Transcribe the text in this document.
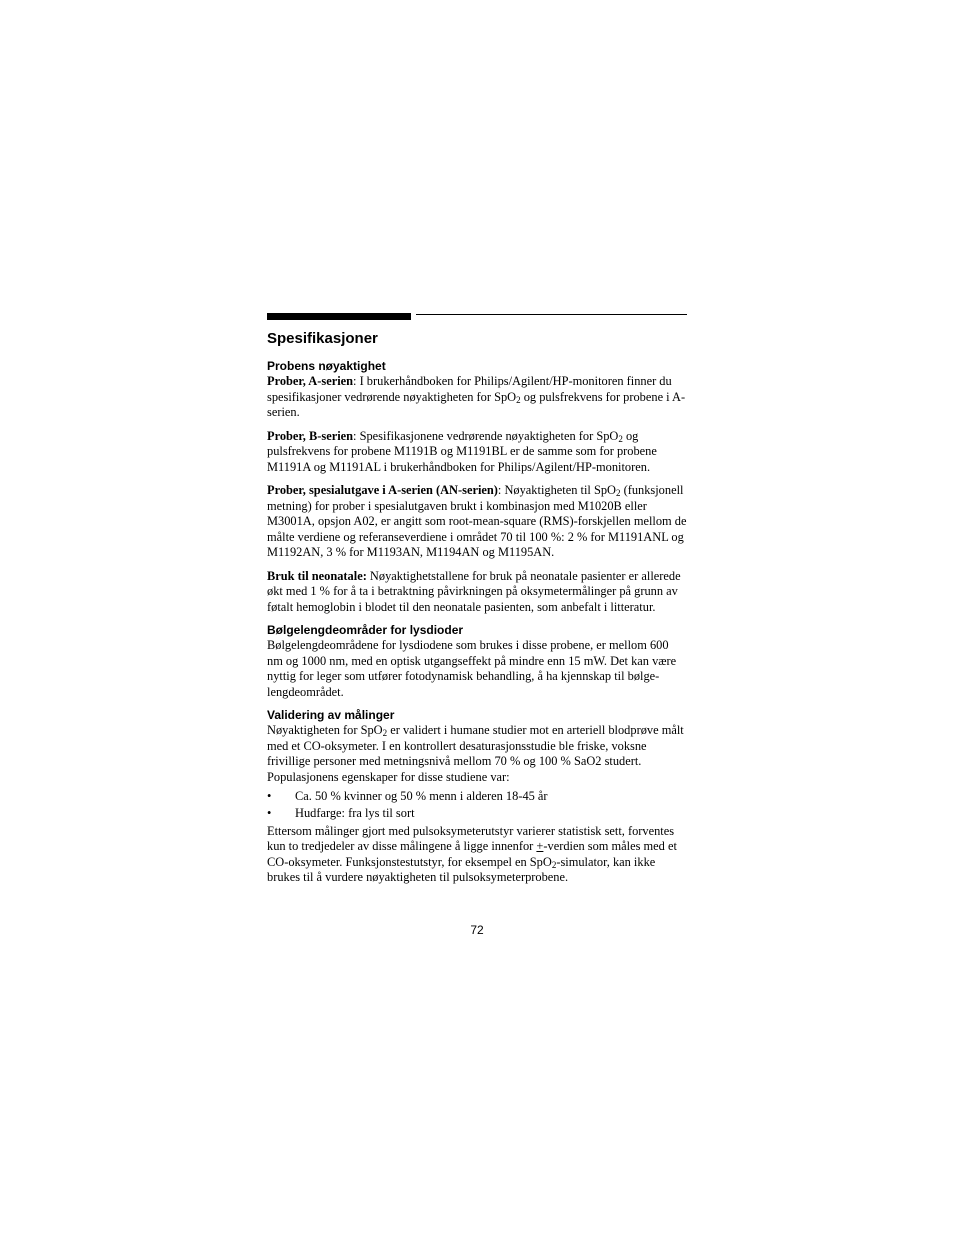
Spesifikasjoner
Probens nøyaktighet

Prober, A-serien: I brukerhåndboken for Philips/Agilent/HP-monitoren finner du spesifikasjoner vedrørende nøyaktigheten for SpO$_2$ og pulsfrekvens for probene i A-serien.

Prober, B-serien: Spesifikasjonene vedrørende nøyaktigheten for SpO$_2$ og pulsfrekvens for probene M1191B og M1191BL er de samme som for probene M1191A og M1191AL i brukerhåndboken for Philips/Agilent/HP-monitoren.

Prober, spesialutgave i A-serien (AN-serien): Nøyaktigheten til SpO$_2$ (funksjonell metning) for prober i spesialutgaven brukt i kombinasjon med M1020B eller M3001A, opsjon A02, er angitt som root-mean-square (RMS)-forskjellen mellom de målte verdiene og referanseverdiene i området 70 til 100 %: 2 % for M1191ANL og M1192AN, 3 % for M1193AN, M1194AN og M1195AN.

Bruk til neonatale: Nøyaktighetstallene for bruk på neonatale pasienter er allerede økt med 1 % for å ta i betraktning påvirkningen på oksymetermålinger på grunn av føtalt hemoglobin i blodet til den neonatale pasienten, som anbefalt i litteratur.

Bølgelengdeområder for lysdioder

Bølgelengdeområdene for lysdiodene som brukes i disse probene, er mellom 600 nm og 1000 nm, med en optisk utgangseffekt på mindre enn 15 mW. Det kan være nyttig for leger som utfører fotodynamisk behandling, å ha kjennskap til bølge-lengdeområdet.

Validering av målinger

Nøyaktigheten for SpO$_2$ er validert i humane studier mot en arteriell blodprøve målt med et CO-oksymeter. I en kontrollert desaturasjonsstudie ble friske, voksne frivillige personer med metningsnivå mellom 70 % og 100 % SaO2 studert. Populasjonens egenskaper for disse studiene var:

• Ca. 50 % kvinner og 50 % menn i alderen 18-45 år
• Hudfarge: fra lys til sort

Ettersom målinger gjort med pulsoksymeterutstyr varierer statistisk sett, forventes kun to tredjedeler av disse målingene å ligge innenfor +-verdien som måles med et CO-oksymeter. Funksjonstestutstyr, for eksempel en SpO$_2$-simulator, kan ikke brukes til å vurdere nøyaktigheten til pulsoksymeterprobene.

72
